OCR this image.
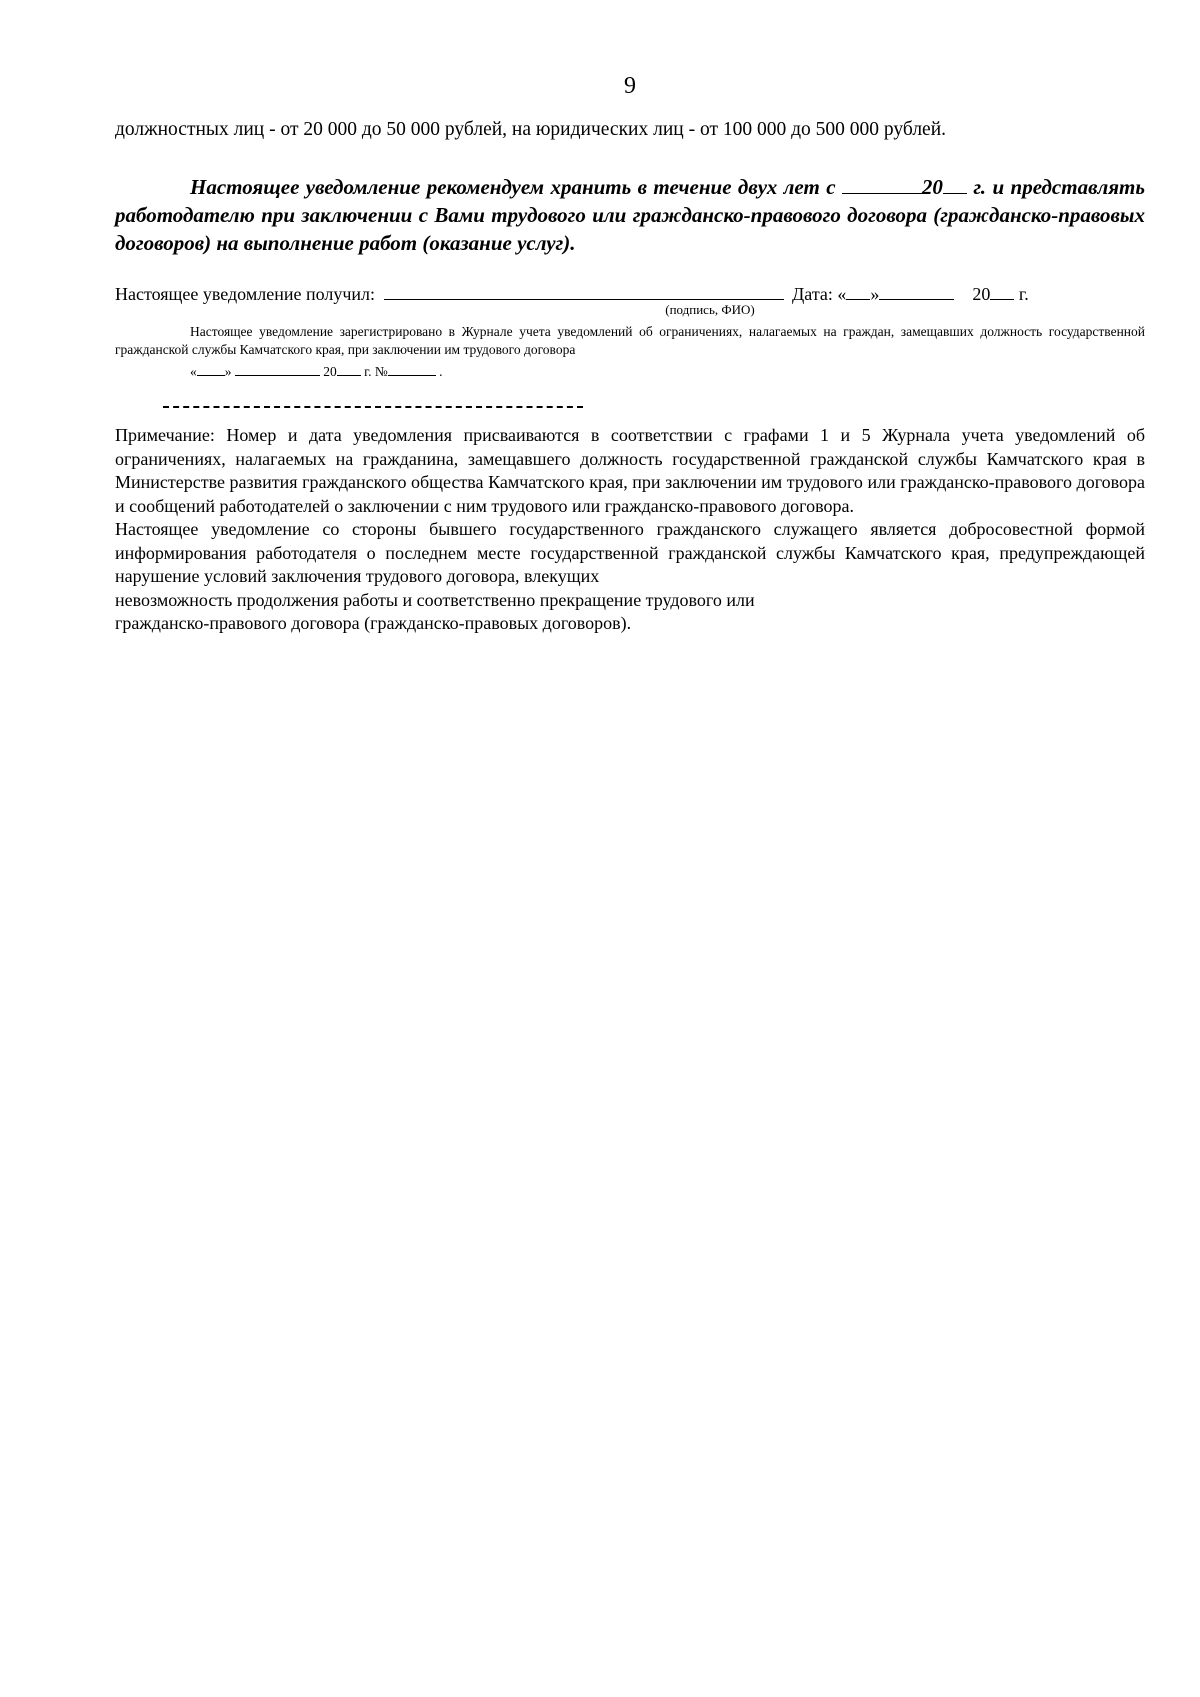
9

должностных лиц - от 20 000 до 50 000 рублей, на юридических лиц - от 100 000 до 500 000 рублей.

Настоящее уведомление рекомендуем хранить в течение двух лет с	20 г. и представлять работодателю при заключении с Вами трудового или гражданско-правового договора (гражданско-правовых договоров) на выполнение работ (оказание услуг).

Настоящее уведомление получил:	Дата: « »	20 г.
(подпись, ФИО)

Настоящее уведомление зарегистрировано в Журнале учета уведомлений об ограничениях, налагаемых на граждан, замещавших должность государственной гражданской службы Камчатского края, при заключении им трудового договора

« »	20 г. №	.

Примечание: Номер и дата уведомления присваиваются в соответствии с графами 1 и 5 Журнала учета уведомлений об ограничениях, налагаемых на гражданина, замещавшего должность государственной гражданской службы Камчатского края в Министерстве развития гражданского общества Камчатского края, при заключении им трудового или гражданско-правового договора и сообщений работодателей о заключении с ним трудового или гражданско-правового договора.

Настоящее уведомление со стороны бывшего государственного гражданского служащего является добросовестной формой информирования работодателя о последнем месте государственной гражданской службы Камчатского края, предупреждающей нарушение условий заключения трудового договора, влекущих

невозможность продолжения работы и соответственно прекращение трудового или

гражданско-правового договора (гражданско-правовых договоров).
